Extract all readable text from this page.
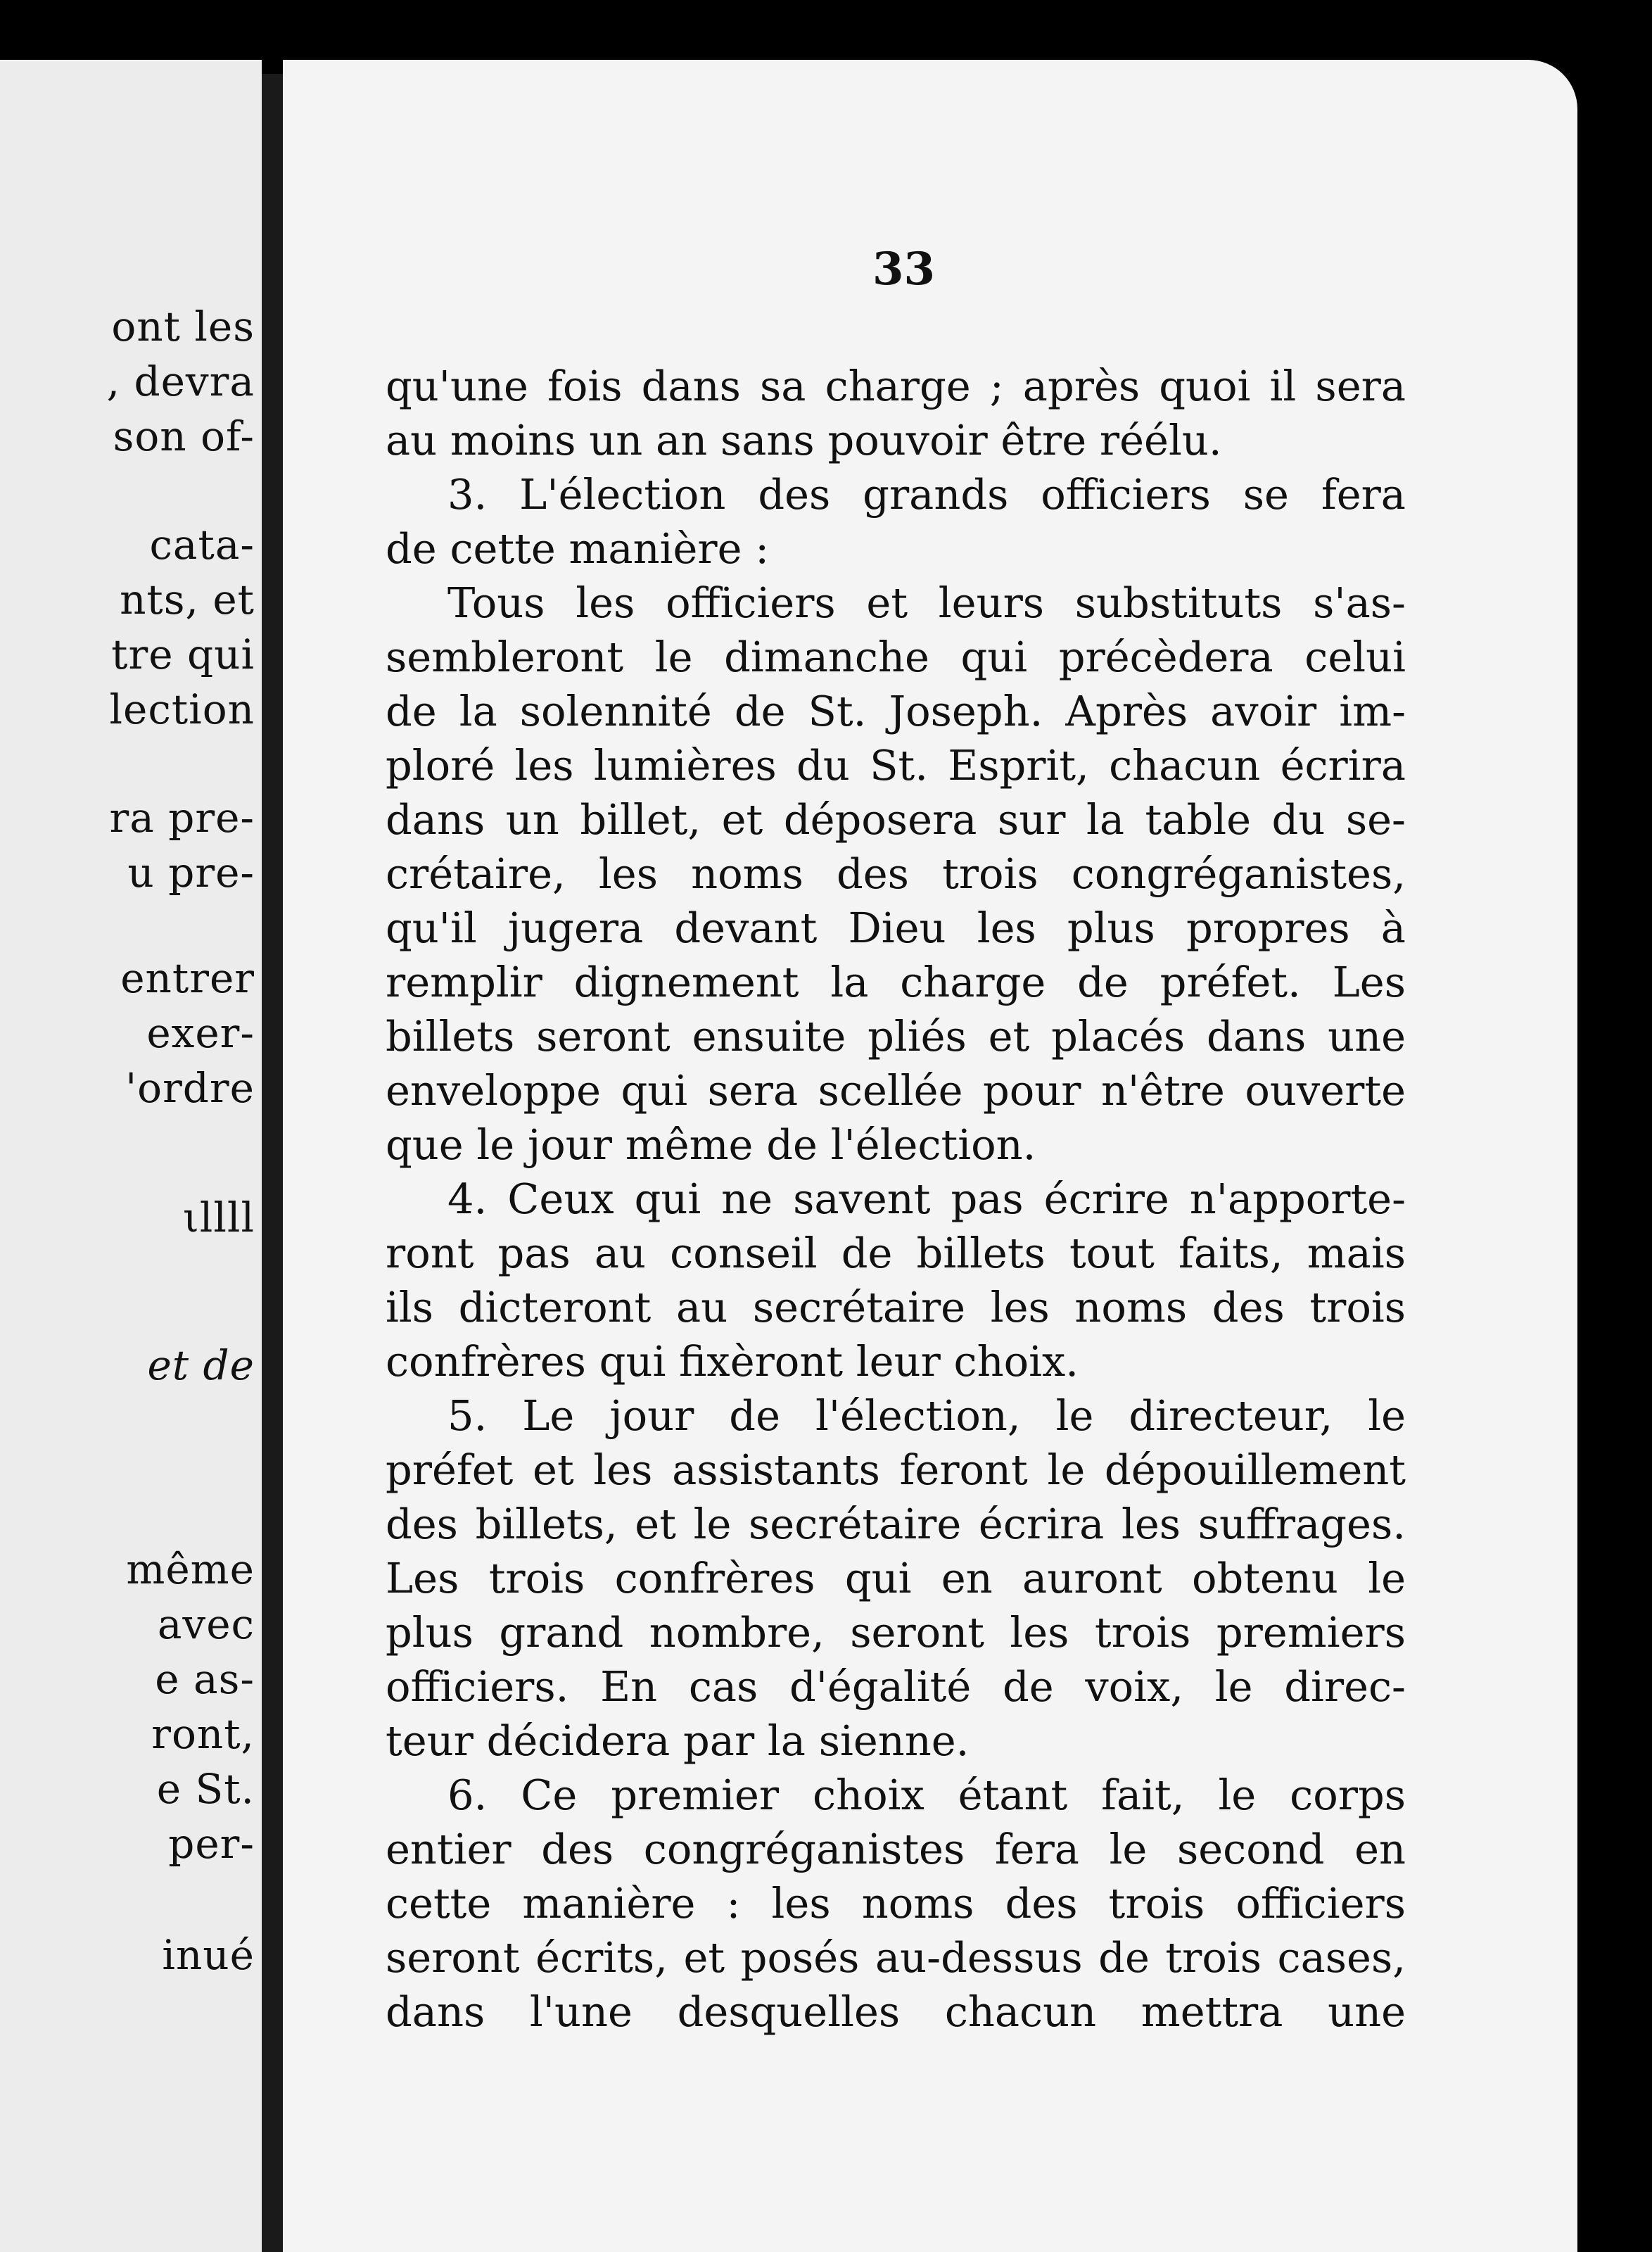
ont les
, devra
son of-
cata-
nts, et
tre qui
lection
ra pre-
u pre-
entrer
exer-
'ordre
ιllll
et de
même
avec
e as-
ront,
e St.
per-
inué
33
qu'une fois dans sa charge ; après quoi il sera
au moins un an sans pouvoir être réélu.
3. L'élection des grands officiers se fera
de cette manière :
Tous les officiers et leurs substituts s'as-
sembleront le dimanche qui précèdera celui
de la solennité de St. Joseph. Après avoir im-
ploré les lumières du St. Esprit, chacun écrira
dans un billet, et déposera sur la table du se-
crétaire, les noms des trois congréganistes,
qu'il jugera devant Dieu les plus propres à
remplir dignement la charge de préfet. Les
billets seront ensuite pliés et placés dans une
enveloppe qui sera scellée pour n'être ouverte
que le jour même de l'élection.
4. Ceux qui ne savent pas écrire n'apporte-
ront pas au conseil de billets tout faits, mais
ils dicteront au secrétaire les noms des trois
confrères qui fixèront leur choix.
5. Le jour de l'élection, le directeur, le
préfet et les assistants feront le dépouillement
des billets, et le secrétaire écrira les suffrages.
Les trois confrères qui en auront obtenu le
plus grand nombre, seront les trois premiers
officiers. En cas d'égalité de voix, le direc-
teur décidera par la sienne.
6. Ce premier choix étant fait, le corps
entier des congréganistes fera le second en
cette manière : les noms des trois officiers
seront écrits, et posés au-dessus de trois cases,
dans l'une desquelles chacun mettra une
